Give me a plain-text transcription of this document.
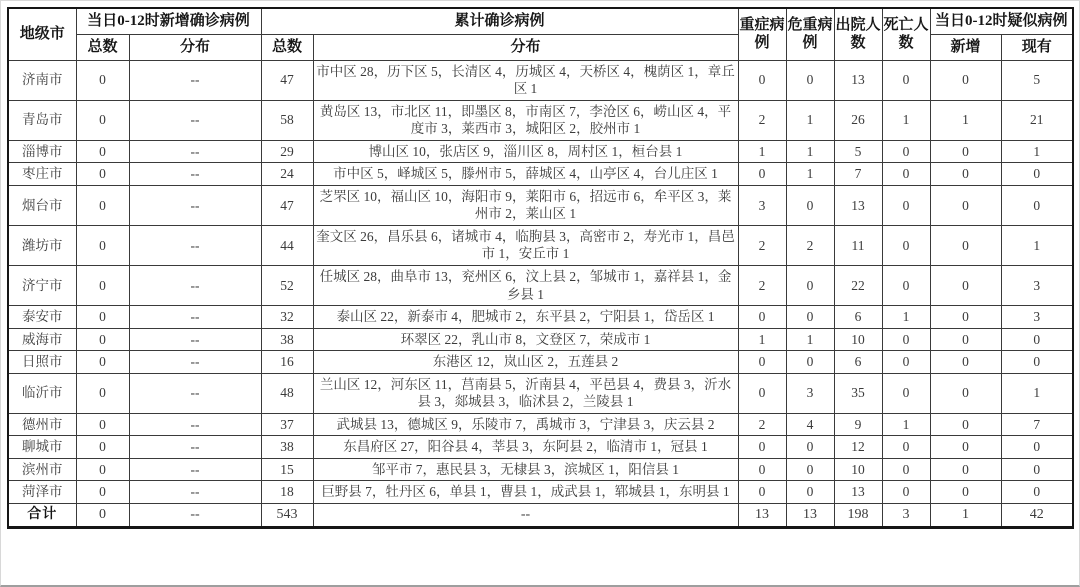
地级市	当日0-12时新增确诊病例		累计确诊病例		重症病例	危重病例	出院人数	死亡人数	当日0-12时疑似病例	
	总数	分布	总数	分布					新增	现有
济南市	0	--	47	市中区 28，历下区 5，长清区 4，历城区 4，天桥区 4，槐荫区 1，章丘区 1	0	0	13	0	0	5
青岛市	0	--	58	黄岛区 13，市北区 11，即墨区 8，市南区 7，李沧区 6，崂山区 4，平度市 3，莱西市 3，城阳区 2，胶州市 1	2	1	26	1	1	21
淄博市	0	--	29	博山区 10，张店区 9，淄川区 8，周村区 1，桓台县 1	1	1	5	0	0	1
枣庄市	0	--	24	市中区 5，峄城区 5，滕州市 5，薛城区 4，山亭区 4，台儿庄区 1	0	1	7	0	0	0
烟台市	0	--	47	芝罘区 10，福山区 10，海阳市 9，莱阳市 6，招远市 6，牟平区 3，莱州市 2，莱山区 1	3	0	13	0	0	0
潍坊市	0	--	44	奎文区 26，昌乐县 6，诸城市 4，临朐县 3，高密市 2，寿光市 1，昌邑市 1，安丘市 1	2	2	11	0	0	1
济宁市	0	--	52	任城区 28，曲阜市 13，兖州区 6，汶上县 2，邹城市 1，嘉祥县 1，金乡县 1	2	0	22	0	0	3
泰安市	0	--	32	泰山区 22，新泰市 4，肥城市 2，东平县 2，宁阳县 1，岱岳区 1	0	0	6	1	0	3
威海市	0	--	38	环翠区 22，乳山市 8，文登区 7，荣成市 1	1	1	10	0	0	0
日照市	0	--	16	东港区 12，岚山区 2，五莲县 2	0	0	6	0	0	0
临沂市	0	--	48	兰山区 12，河东区 11，莒南县 5，沂南县 4，平邑县 4，费县 3，沂水县 3，郯城县 3，临沭县 2，兰陵县 1	0	3	35	0	0	1
德州市	0	--	37	武城县 13，德城区 9，乐陵市 7，禹城市 3，宁津县 3，庆云县 2	2	4	9	1	0	7
聊城市	0	--	38	东昌府区 27，阳谷县 4，莘县 3，东阿县 2，临清市 1，冠县 1	0	0	12	0	0	0
滨州市	0	--	15	邹平市 7，惠民县 3，无棣县 3，滨城区 1，阳信县 1	0	0	10	0	0	0
菏泽市	0	--	18	巨野县 7，牡丹区 6，单县 1，曹县 1，成武县 1，郓城县 1，东明县 1	0	0	13	0	0	0
合计	0	--	543	--	13	13	198	3	1	42
